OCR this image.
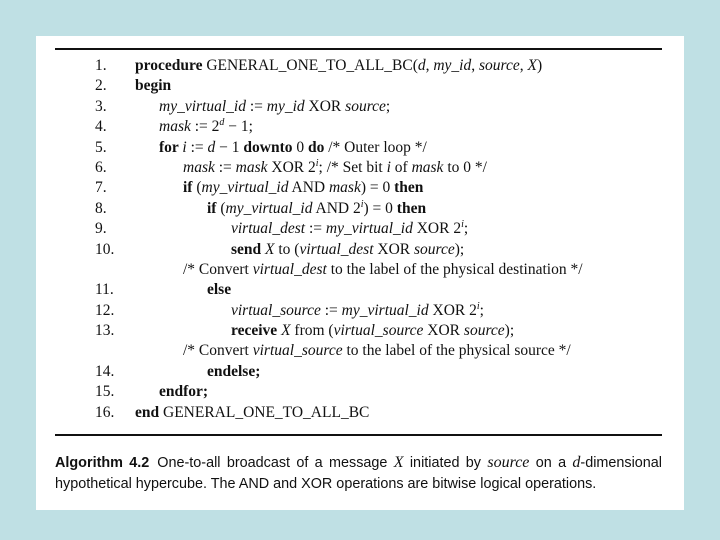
1. procedure GENERAL_ONE_TO_ALL_BC(d, my_id, source, X)
2. begin
3.	my_virtual_id := my_id XOR source;
4.	mask := $2^d - 1$;
5.	for i := d − 1 downto 0 do /* Outer loop */
6.	mask := mask XOR 2$^i$; /* Set bit i of mask to 0 */
7.	if (my_virtual_id AND mask) = 0 then
8.	if (my_virtual_id AND $2^i) = 0$ then
9.	virtual_dest := my_virtual_id XOR 2$^i$;
10.	send X to (virtual_dest XOR source);
/* Convert virtual_dest to the label of the physical destination */
11.	else
12.	virtual_source := my_virtual_id XOR 2$^i$;
13.	receive X from (virtual_source XOR source);
/* Convert virtual_source to the label of the physical source */
14.	endelse;
15.	endfor;
16. end GENERAL_ONE_TO_ALL_BC
Algorithm 4.2 One-to-all broadcast of a message X initiated by source on a d-dimensional hypothetical hypercube. The AND and XOR operations are bitwise logical operations.
